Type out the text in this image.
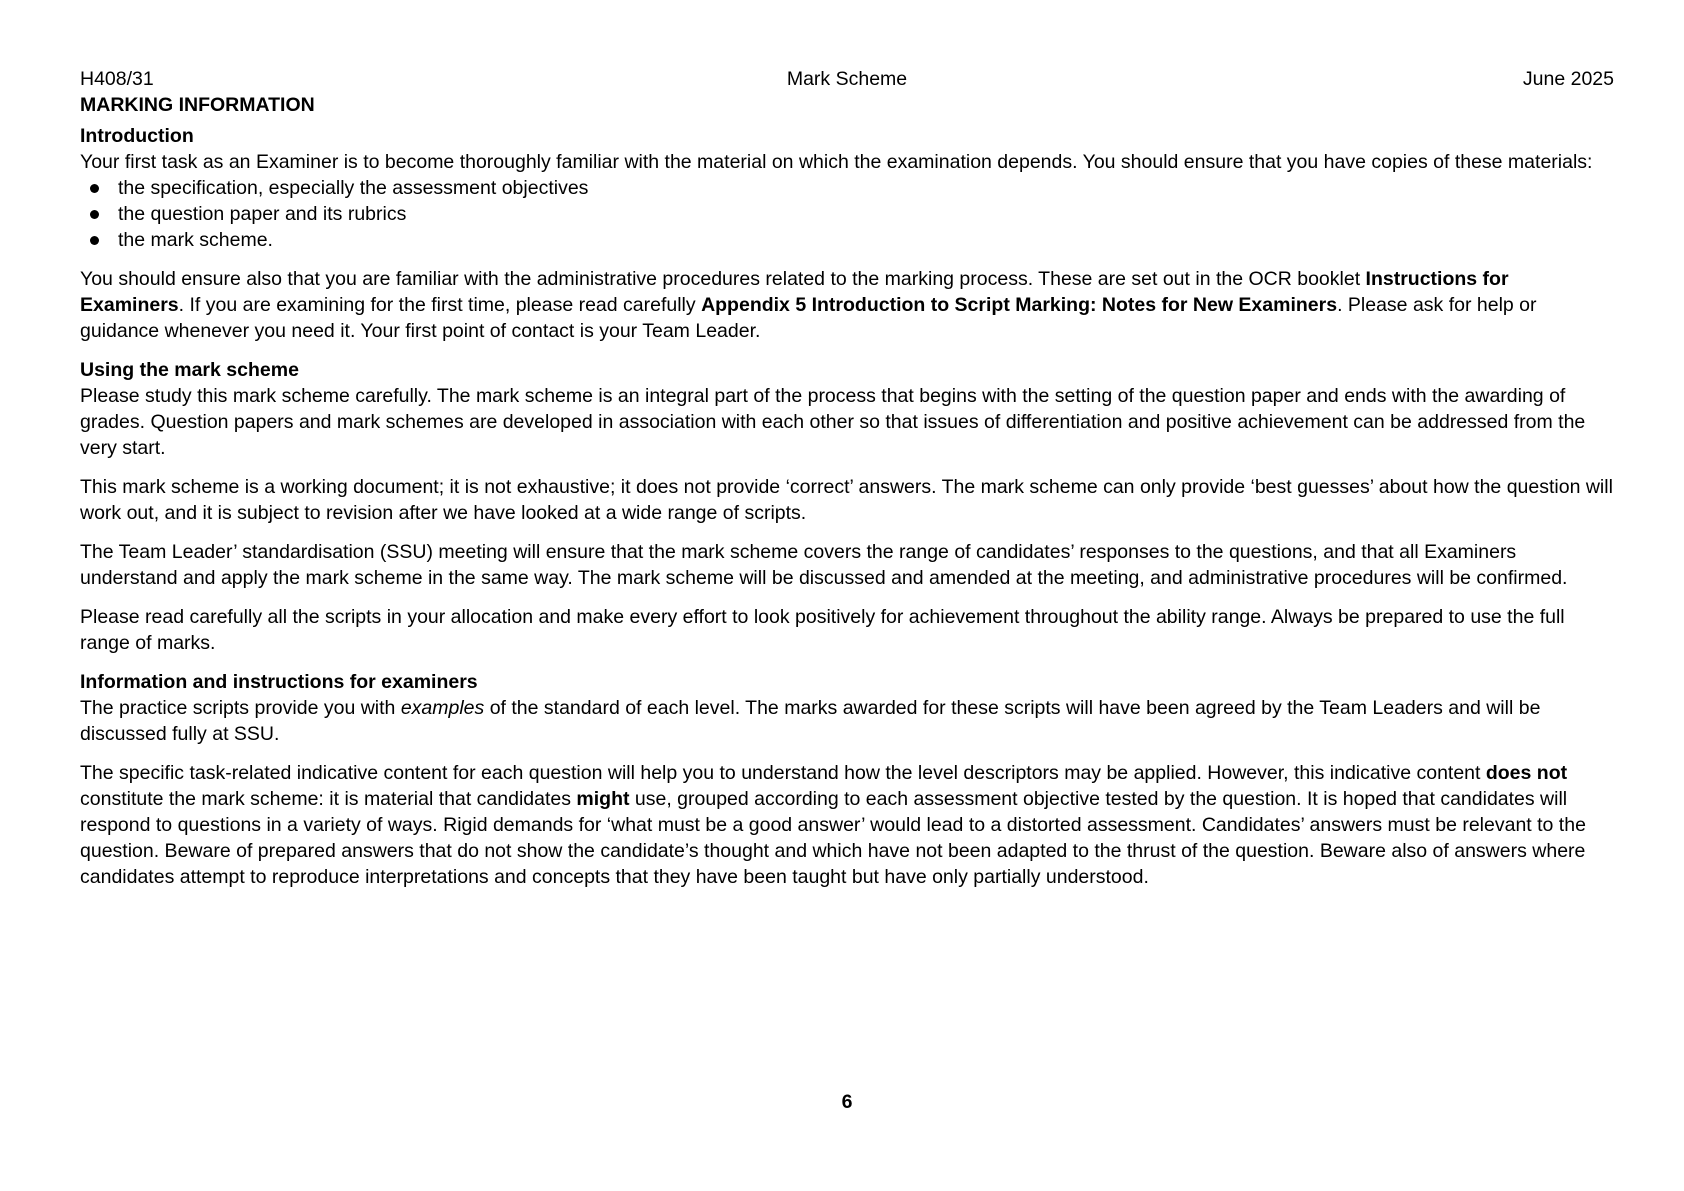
H408/31	Mark Scheme	June 2025
MARKING INFORMATION
Introduction
Your first task as an Examiner is to become thoroughly familiar with the material on which the examination depends. You should ensure that you have copies of these materials:
the specification, especially the assessment objectives
the question paper and its rubrics
the mark scheme.
You should ensure also that you are familiar with the administrative procedures related to the marking process. These are set out in the OCR booklet Instructions for Examiners. If you are examining for the first time, please read carefully Appendix 5 Introduction to Script Marking: Notes for New Examiners. Please ask for help or guidance whenever you need it. Your first point of contact is your Team Leader.
Using the mark scheme
Please study this mark scheme carefully. The mark scheme is an integral part of the process that begins with the setting of the question paper and ends with the awarding of grades. Question papers and mark schemes are developed in association with each other so that issues of differentiation and positive achievement can be addressed from the very start.
This mark scheme is a working document; it is not exhaustive; it does not provide ‘correct’ answers. The mark scheme can only provide ‘best guesses’ about how the question will work out, and it is subject to revision after we have looked at a wide range of scripts.
The Team Leader’ standardisation (SSU) meeting will ensure that the mark scheme covers the range of candidates’ responses to the questions, and that all Examiners understand and apply the mark scheme in the same way. The mark scheme will be discussed and amended at the meeting, and administrative procedures will be confirmed.
Please read carefully all the scripts in your allocation and make every effort to look positively for achievement throughout the ability range. Always be prepared to use the full range of marks.
Information and instructions for examiners
The practice scripts provide you with examples of the standard of each level. The marks awarded for these scripts will have been agreed by the Team Leaders and will be discussed fully at SSU.
The specific task-related indicative content for each question will help you to understand how the level descriptors may be applied. However, this indicative content does not constitute the mark scheme: it is material that candidates might use, grouped according to each assessment objective tested by the question. It is hoped that candidates will respond to questions in a variety of ways. Rigid demands for ‘what must be a good answer’ would lead to a distorted assessment. Candidates’ answers must be relevant to the question. Beware of prepared answers that do not show the candidate’s thought and which have not been adapted to the thrust of the question. Beware also of answers where candidates attempt to reproduce interpretations and concepts that they have been taught but have only partially understood.
6
